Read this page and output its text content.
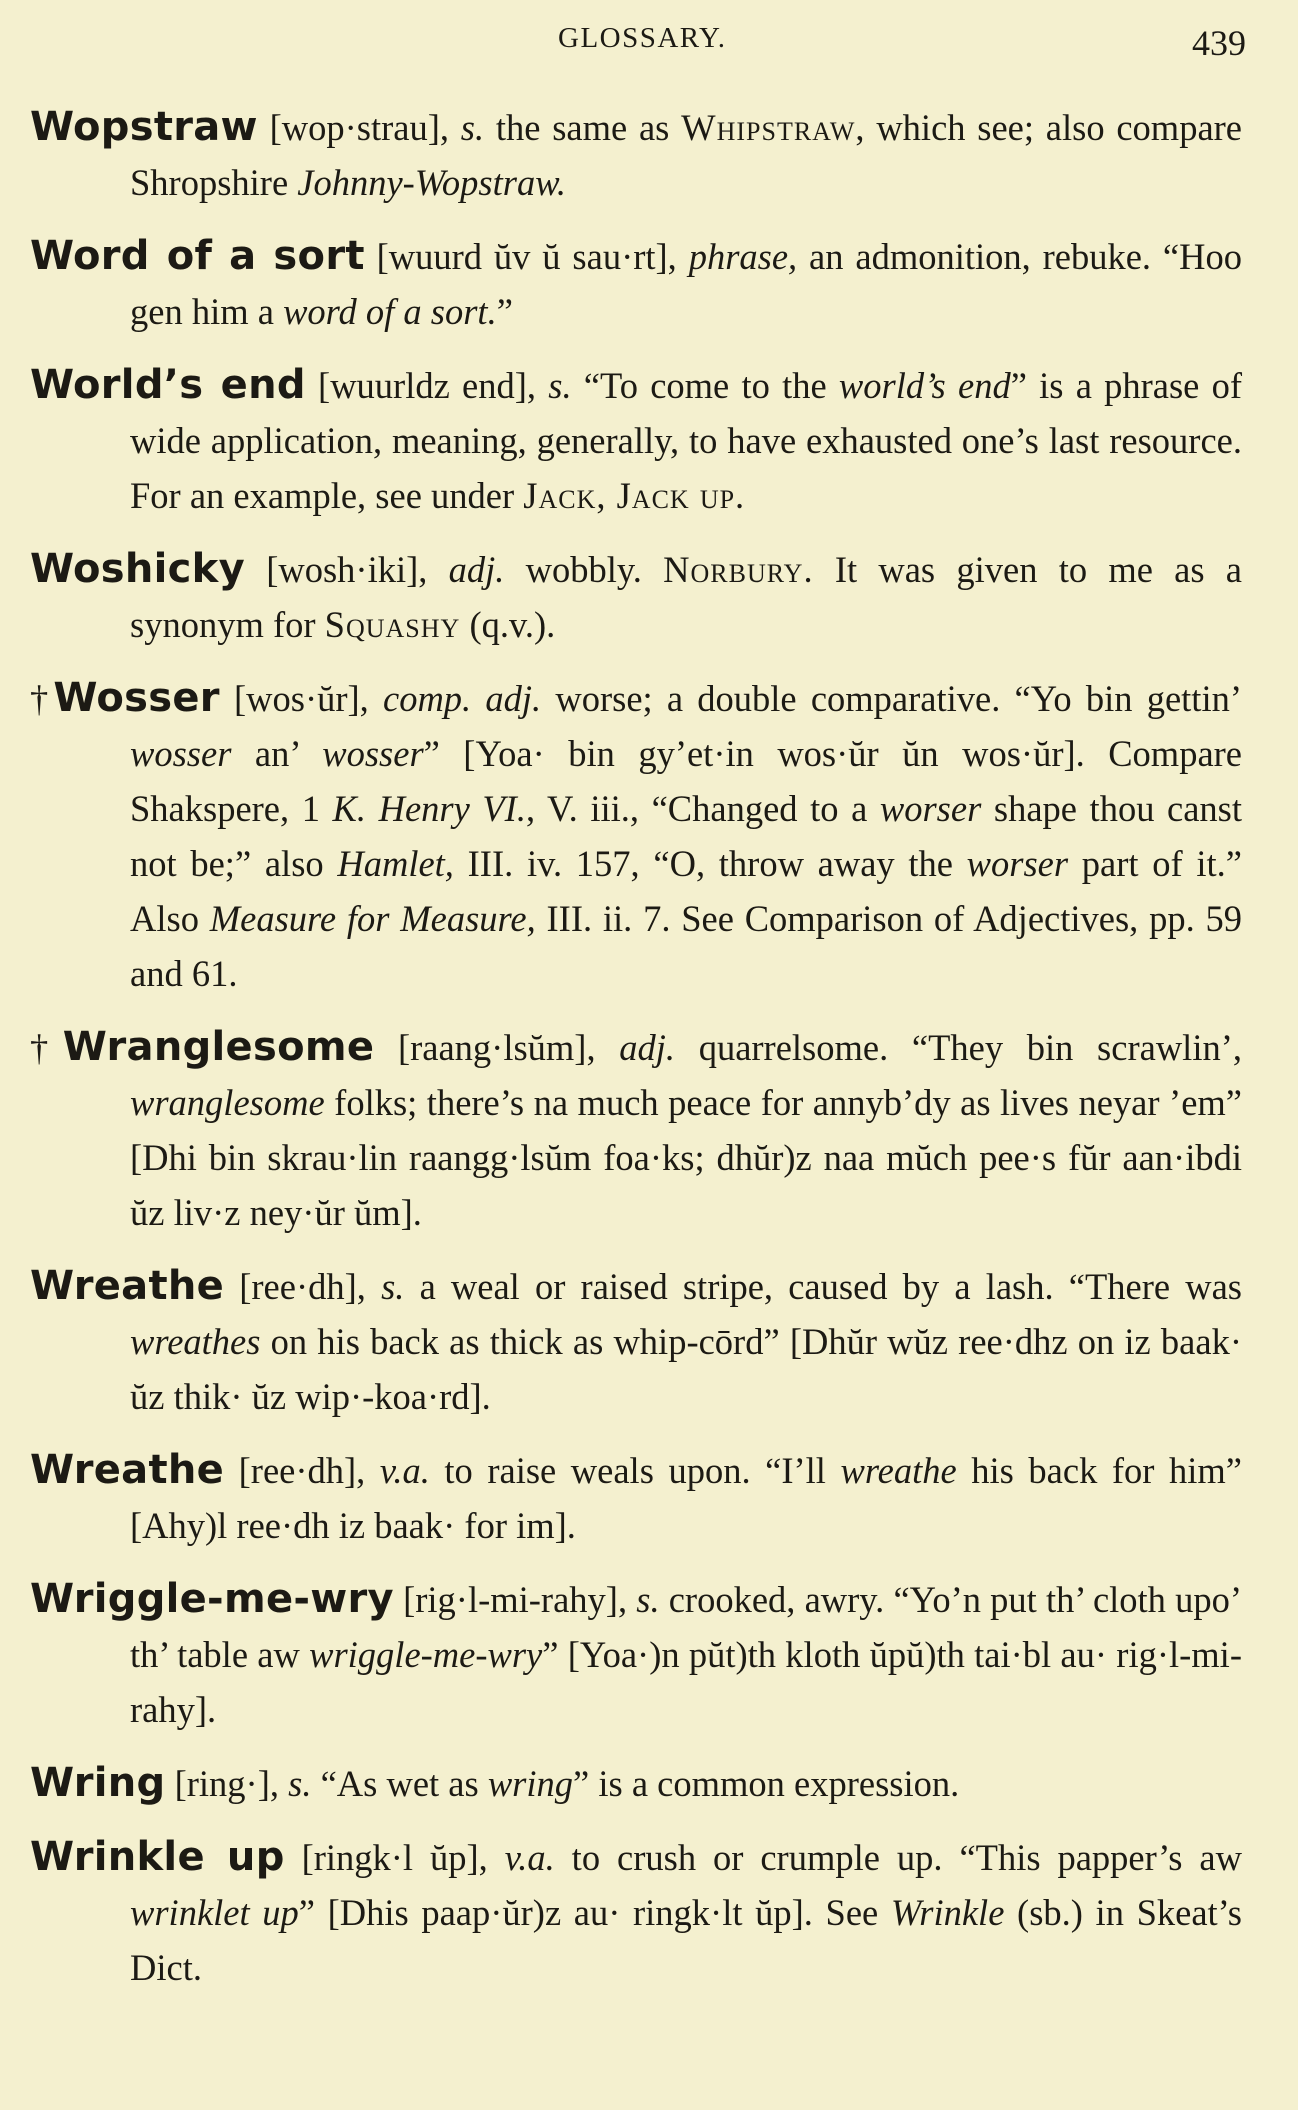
GLOSSARY.	439

Wopstraw [wop·strau], s. the same as Whipstraw, which see; also compare Shropshire Johnny-Wopstraw.

Word of a sort [wuurd ŭv ŭ sau·rt], phrase, an admonition, rebuke. “Hoo gen him a word of a sort.”

World’s end [wuurldz end], s. “To come to the world’s end” is a phrase of wide application, meaning, generally, to have exhausted one’s last resource. For an example, see under Jack, Jack up.

Woshicky [wosh·iki], adj. wobbly. Norbury. It was given to me as a synonym for Squashy (q.v.).

†Wosser [wos·ŭr], comp. adj. worse; a double comparative. “Yo bin gettin’ wosser an’ wosser” [Yoa· bin gy’et·in wos·ŭr ŭn wos·ŭr]. Compare Shakspere, 1 K. Henry VI., V. iii., “Changed to a worser shape thou canst not be;” also Hamlet, III. iv. 157, “O, throw away the worser part of it.” Also Measure for Measure, III. ii. 7. See Comparison of Adjectives, pp. 59 and 61.

†Wranglesome [raang·lsŭm], adj. quarrelsome. “They bin scrawlin’, wranglesome folks; there’s na much peace for annyb’dy as lives neyar ’em” [Dhi bin skrau·lin raangg·lsŭm foa·ks; dhŭr)z naa mŭch pee·s fŭr aan·ibdi ŭz liv·z ney·ŭr ŭm].

Wreathe [ree·dh], s. a weal or raised stripe, caused by a lash. “There was wreathes on his back as thick as whip-cōrd” [Dhŭr wŭz ree·dhz on iz baak· ŭz thik· ŭz wip·-koa·rd].

Wreathe [ree·dh], v.a. to raise weals upon. “I’ll wreathe his back for him” [Ahy)l ree·dh iz baak· for im].

Wriggle-me-wry [rig·l-mi-rahy], s. crooked, awry. “Yo’n put th’ cloth upo’ th’ table aw wriggle-me-wry” [Yoa·)n pŭt)th kloth ŭpŭ)th tai·bl au· rig·l-mi-rahy].

Wring [ring·], s. “As wet as wring” is a common expression.

Wrinkle up [ringk·l ŭp], v.a. to crush or crumple up. “This papper’s aw wrinklet up” [Dhis paap·ŭr)z au· ringk·lt ŭp]. See Wrinkle (sb.) in Skeat’s Dict.
